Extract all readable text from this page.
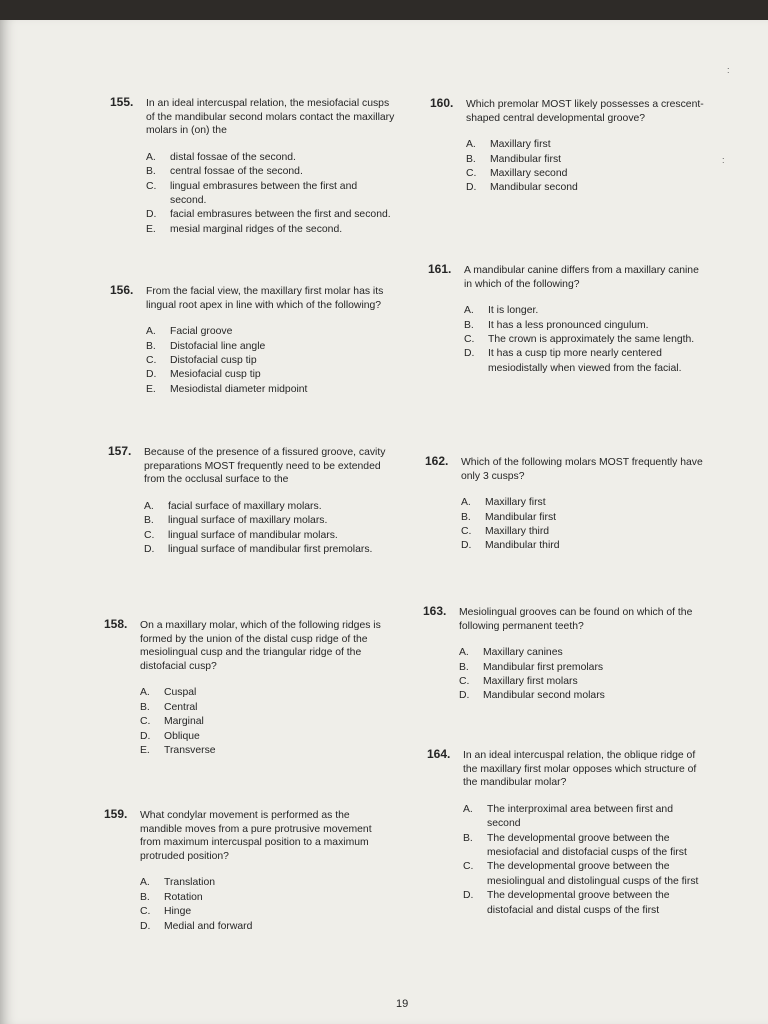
:
:
155. In an ideal intercuspal relation, the mesiofacial cusps of the mandibular second molars contact the maxillary molars in (on) the
A. distal fossae of the second.
B. central fossae of the second.
C. lingual embrasures between the first and second.
D. facial embrasures between the first and second.
E. mesial marginal ridges of the second.
156. From the facial view, the maxillary first molar has its lingual root apex in line with which of the following?
A. Facial groove
B. Distofacial line angle
C. Distofacial cusp tip
D. Mesiofacial cusp tip
E. Mesiodistal diameter midpoint
157. Because of the presence of a fissured groove, cavity preparations MOST frequently need to be extended from the occlusal surface to the
A. facial surface of maxillary molars.
B. lingual surface of maxillary molars.
C. lingual surface of mandibular molars.
D. lingual surface of mandibular first premolars.
158. On a maxillary molar, which of the following ridges is formed by the union of the distal cusp ridge of the mesiolingual cusp and the triangular ridge of the distofacial cusp?
A. Cuspal
B. Central
C. Marginal
D. Oblique
E. Transverse
159. What condylar movement is performed as the mandible moves from a pure protrusive movement from maximum intercuspal position to a maximum protruded position?
A. Translation
B. Rotation
C. Hinge
D. Medial and forward
160. Which premolar MOST likely possesses a crescent-shaped central developmental groove?
A. Maxillary first
B. Mandibular first
C. Maxillary second
D. Mandibular second
161. A mandibular canine differs from a maxillary canine in which of the following?
A. It is longer.
B. It has a less pronounced cingulum.
C. The crown is approximately the same length.
D. It has a cusp tip more nearly centered mesiodistally when viewed from the facial.
162. Which of the following molars MOST frequently have only 3 cusps?
A. Maxillary first
B. Mandibular first
C. Maxillary third
D. Mandibular third
163. Mesiolingual grooves can be found on which of the following permanent teeth?
A. Maxillary canines
B. Mandibular first premolars
C. Maxillary first molars
D. Mandibular second molars
164. In an ideal intercuspal relation, the oblique ridge of the maxillary first molar opposes which structure of the mandibular molar?
A. The interproximal area between first and second
B. The developmental groove between the mesiofacial and distofacial cusps of the first
C. The developmental groove between the mesiolingual and distolingual cusps of the first
D. The developmental groove between the distofacial and distal cusps of the first
19
